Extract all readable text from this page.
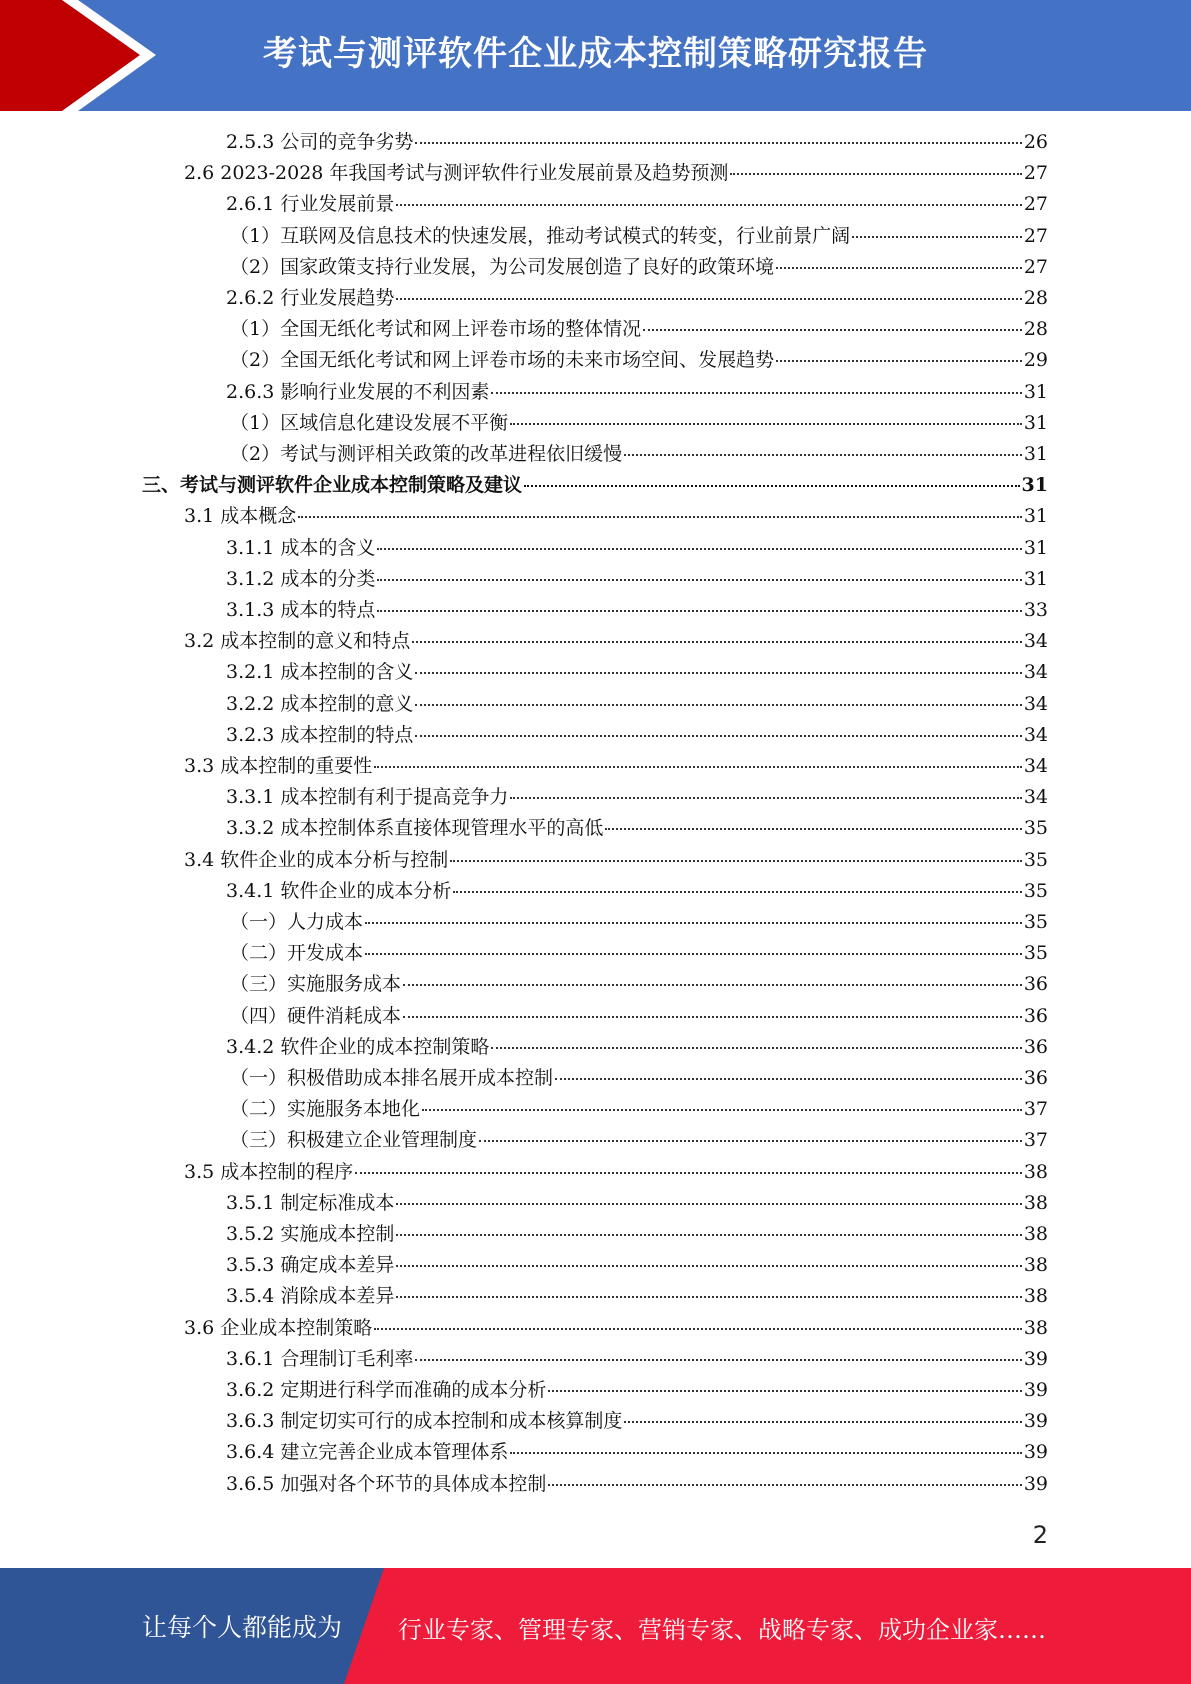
考试与测评软件企业成本控制策略研究报告
2.5.3 公司的竞争劣势	26
2.6 2023-2028 年我国考试与测评软件行业发展前景及趋势预测	27
2.6.1 行业发展前景	27
（1）互联网及信息技术的快速发展，推动考试模式的转变，行业前景广阔	27
（2）国家政策支持行业发展，为公司发展创造了良好的政策环境	27
2.6.2 行业发展趋势	28
（1）全国无纸化考试和网上评卷市场的整体情况	28
（2）全国无纸化考试和网上评卷市场的未来市场空间、发展趋势	29
2.6.3 影响行业发展的不利因素	31
（1）区域信息化建设发展不平衡	31
（2）考试与测评相关政策的改革进程依旧缓慢	31
三、考试与测评软件企业成本控制策略及建议	31
3.1 成本概念	31
3.1.1 成本的含义	31
3.1.2 成本的分类	31
3.1.3 成本的特点	33
3.2 成本控制的意义和特点	34
3.2.1 成本控制的含义	34
3.2.2 成本控制的意义	34
3.2.3 成本控制的特点	34
3.3 成本控制的重要性	34
3.3.1 成本控制有利于提高竞争力	34
3.3.2 成本控制体系直接体现管理水平的高低	35
3.4 软件企业的成本分析与控制	35
3.4.1 软件企业的成本分析	35
（一）人力成本	35
（二）开发成本	35
（三）实施服务成本	36
（四）硬件消耗成本	36
3.4.2 软件企业的成本控制策略	36
（一）积极借助成本排名展开成本控制	36
（二）实施服务本地化	37
（三）积极建立企业管理制度	37
3.5 成本控制的程序	38
3.5.1 制定标准成本	38
3.5.2 实施成本控制	38
3.5.3 确定成本差异	38
3.5.4 消除成本差异	38
3.6 企业成本控制策略	38
3.6.1 合理制订毛利率	39
3.6.2 定期进行科学而准确的成本分析	39
3.6.3 制定切实可行的成本控制和成本核算制度	39
3.6.4 建立完善企业成本管理体系	39
3.6.5 加强对各个环节的具体成本控制	39
2
让每个人都能成为 行业专家、管理专家、营销专家、战略专家、成功企业家……
